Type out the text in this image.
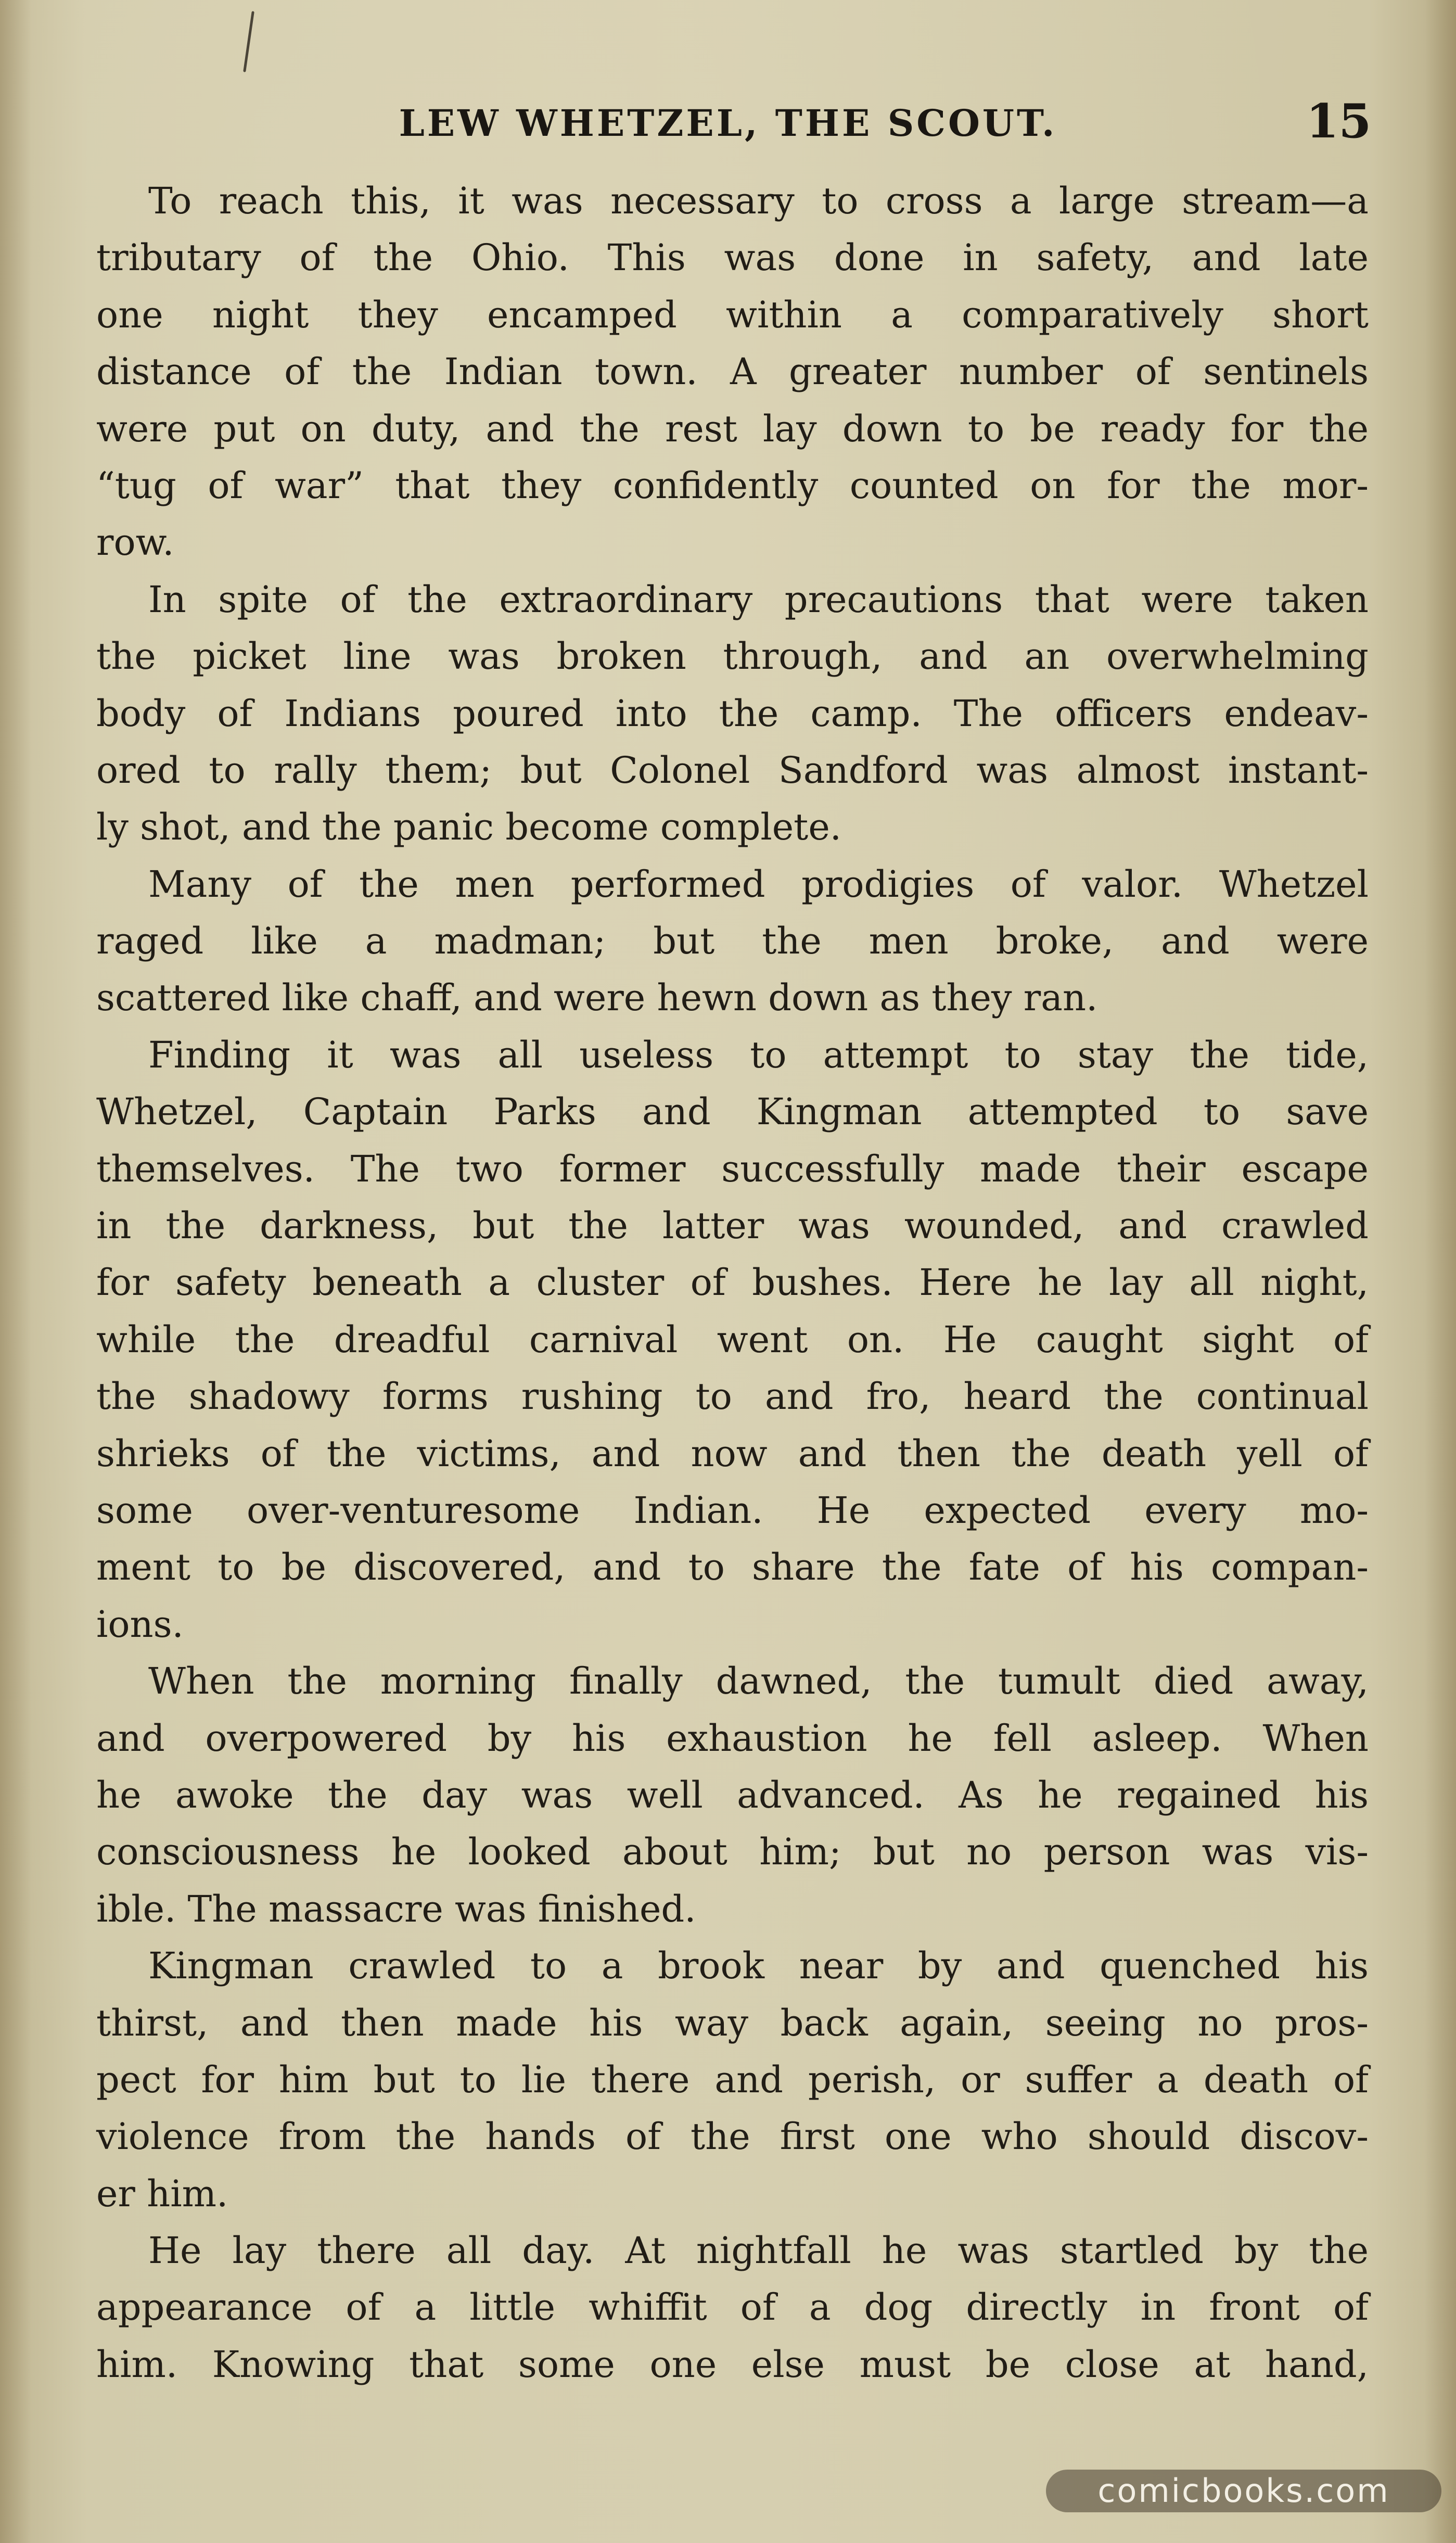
LEW WHETZEL, THE SCOUT.	15
To reach this, it was necessary to cross a large stream—a
tributary of the Ohio. This was done in safety, and late
one night they encamped within a comparatively short
distance of the Indian town. A greater number of sentinels
were put on duty, and the rest lay down to be ready for the
“tug of war” that they confidently counted on for the mor-
row.
In spite of the extraordinary precautions that were taken
the picket line was broken through, and an overwhelming
body of Indians poured into the camp. The officers endeav-
ored to rally them; but Colonel Sandford was almost instant-
ly shot, and the panic become complete.
Many of the men performed prodigies of valor. Whetzel
raged like a madman; but the men broke, and were
scattered like chaff, and were hewn down as they ran.
Finding it was all useless to attempt to stay the tide,
Whetzel, Captain Parks and Kingman attempted to save
themselves. The two former successfully made their escape
in the darkness, but the latter was wounded, and crawled
for safety beneath a cluster of bushes. Here he lay all night,
while the dreadful carnival went on. He caught sight of
the shadowy forms rushing to and fro, heard the continual
shrieks of the victims, and now and then the death yell of
some over-venturesome Indian. He expected every mo-
ment to be discovered, and to share the fate of his compan-
ions.
When the morning finally dawned, the tumult died away,
and overpowered by his exhaustion he fell asleep. When
he awoke the day was well advanced. As he regained his
consciousness he looked about him; but no person was vis-
ible. The massacre was finished.
Kingman crawled to a brook near by and quenched his
thirst, and then made his way back again, seeing no pros-
pect for him but to lie there and perish, or suffer a death of
violence from the hands of the first one who should discov-
er him.
He lay there all day. At nightfall he was startled by the
appearance of a little whiffit of a dog directly in front of
him. Knowing that some one else must be close at hand,
comicbooks.com
